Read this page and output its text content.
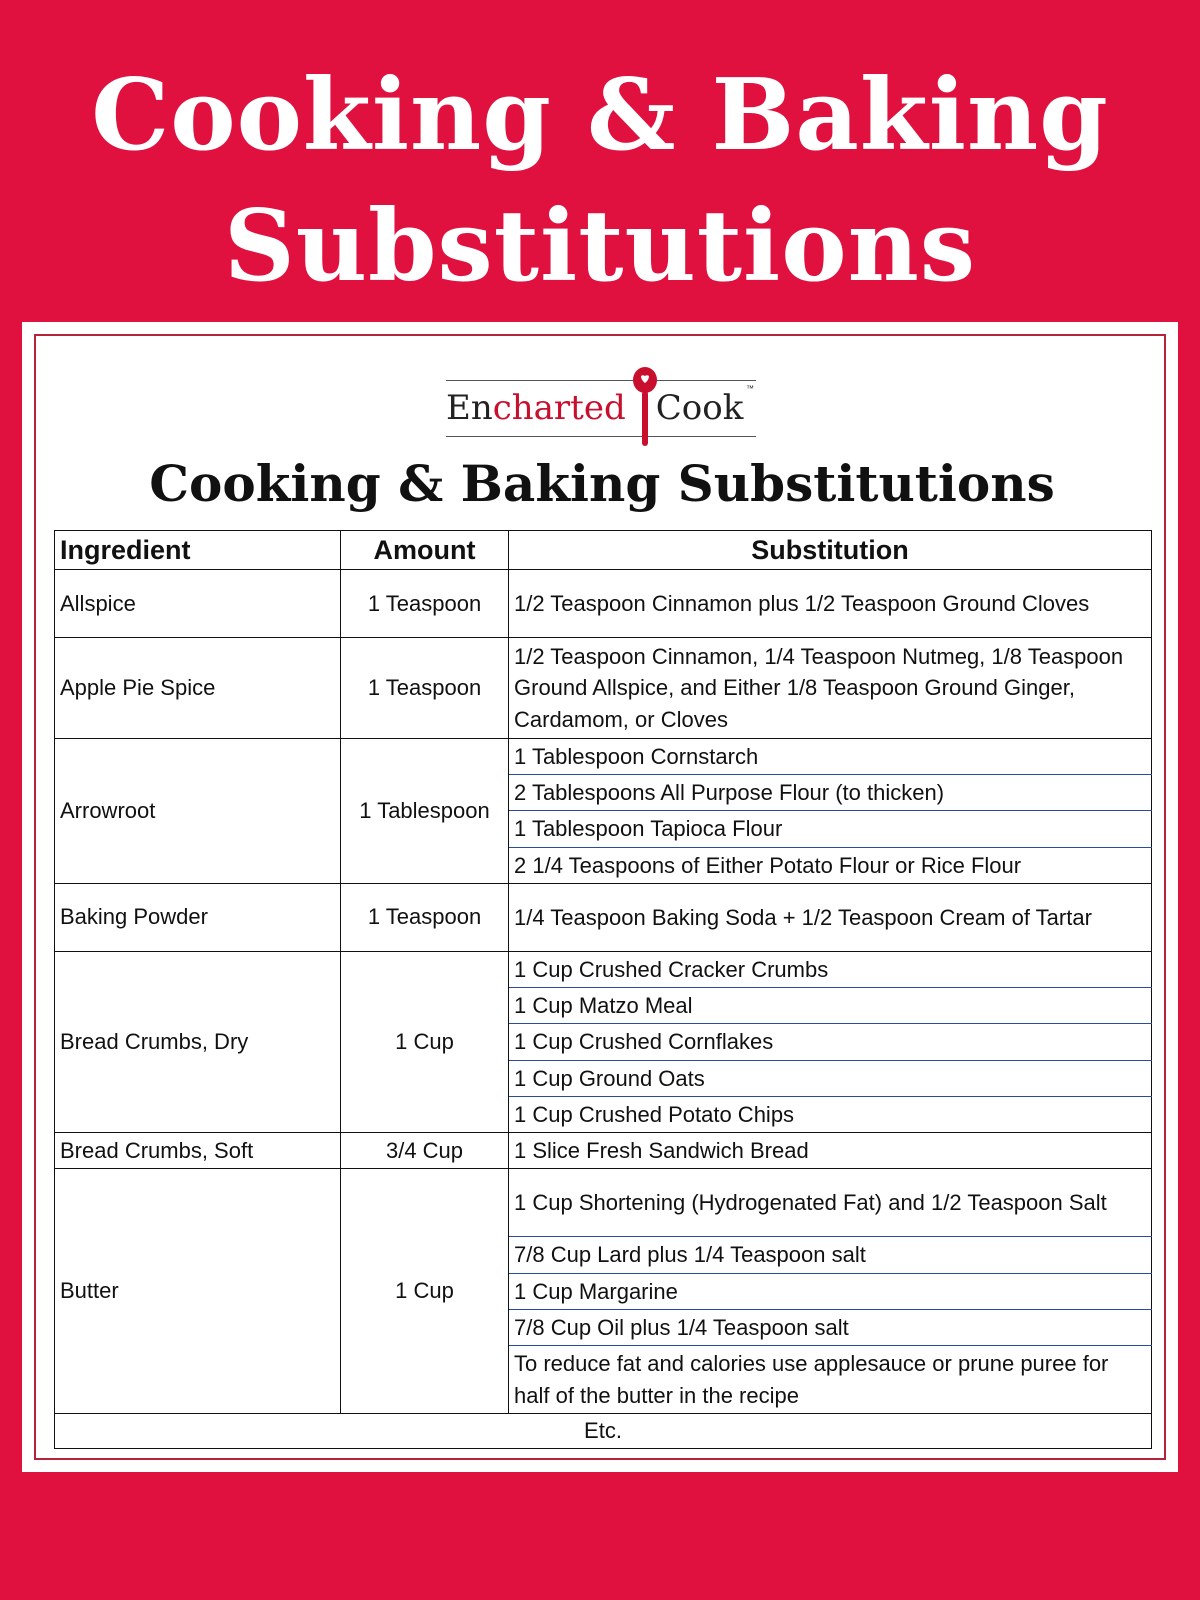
Cooking & Baking
Substitutions
Encharted Cook ™
Cooking & Baking Substitutions
Ingredient	Amount	Substitution
Allspice	1 Teaspoon	1/2 Teaspoon Cinnamon plus 1/2 Teaspoon Ground Cloves
Apple Pie Spice	1 Teaspoon	1/2 Teaspoon Cinnamon, 1/4 Teaspoon Nutmeg, 1/8 Teaspoon Ground Allspice, and Either 1/8 Teaspoon Ground Ginger, Cardamom, or Cloves
Arrowroot	1 Tablespoon	1 Tablespoon Cornstarch
		2 Tablespoons All Purpose Flour (to thicken)
		1 Tablespoon Tapioca Flour
		2 1/4 Teaspoons of Either Potato Flour or Rice Flour
Baking Powder	1 Teaspoon	1/4 Teaspoon Baking Soda + 1/2 Teaspoon Cream of Tartar
Bread Crumbs, Dry	1 Cup	1 Cup Crushed Cracker Crumbs
		1 Cup Matzo Meal
		1 Cup Crushed Cornflakes
		1 Cup Ground Oats
		1 Cup Crushed Potato Chips
Bread Crumbs, Soft	3/4 Cup	1 Slice Fresh Sandwich Bread
Butter	1 Cup	1 Cup Shortening (Hydrogenated Fat) and 1/2 Teaspoon Salt
		7/8 Cup Lard plus 1/4 Teaspoon salt
		1 Cup Margarine
		7/8 Cup Oil plus 1/4 Teaspoon salt
		To reduce fat and calories use applesauce or prune puree for half of the butter in the recipe
Etc.		
